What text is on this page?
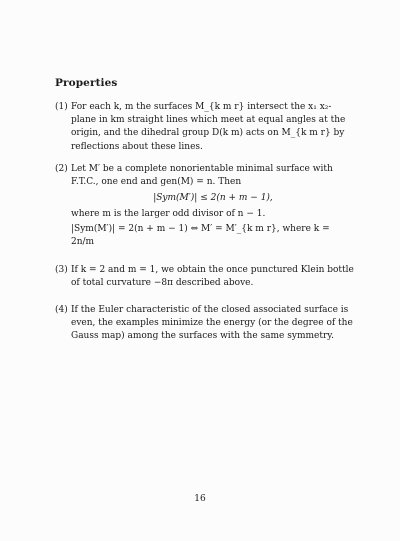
Properties
(1) For each k, m the surfaces M_{k m r} intersect the x₁ x₂-plane in km straight lines which meet at equal angles at the origin, and the dihedral group D(k m) acts on M_{k m r} by reflections about these lines.
(2) Let M′ be a complete nonorientable minimal surface with F.T.C., one end and gen(M) = n. Then
|Sym(M′)| ≤ 2(n + m − 1),
where m is the larger odd divisor of n − 1.
|Sym(M′)| = 2(n + m − 1) ⇔ M′ = M′_{k m r}, where k = 2n/m
(3) If k = 2 and m = 1, we obtain the once punctured Klein bottle of total curvature −8π described above.
(4) If the Euler characteristic of the closed associated surface is even, the examples minimize the energy (or the degree of the Gauss map) among the surfaces with the same symmetry.
16
